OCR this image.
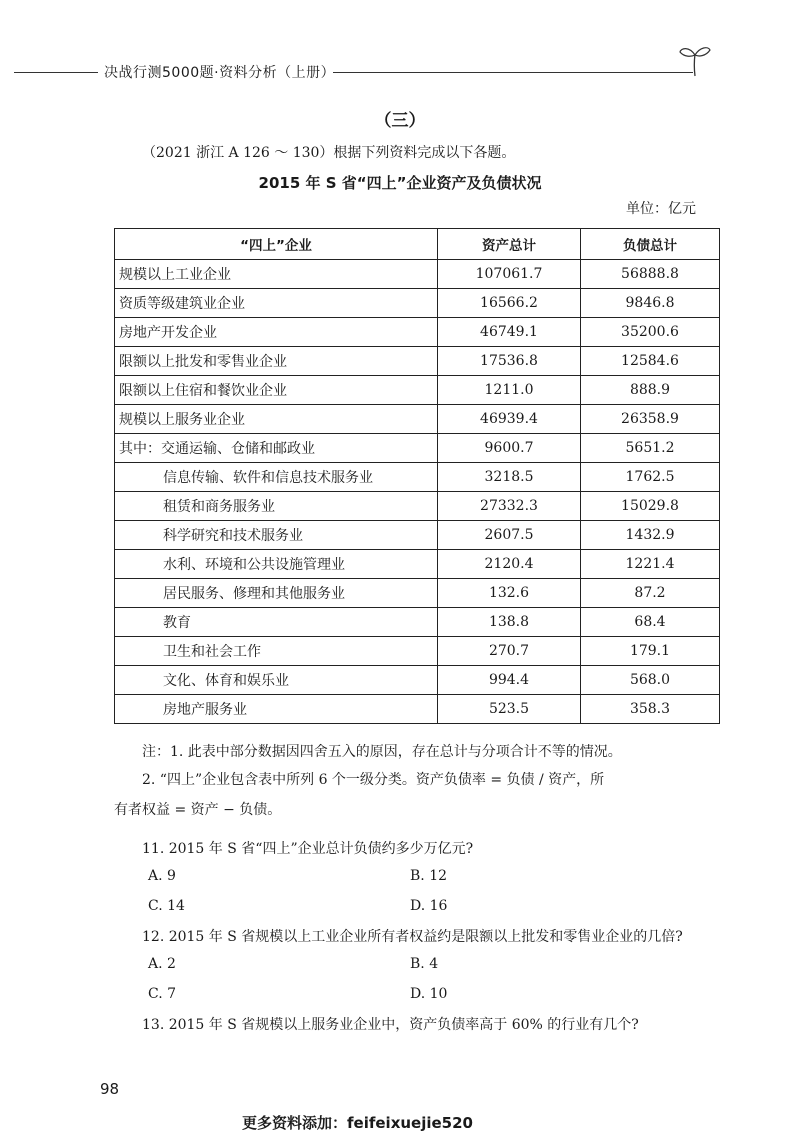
决战行测5000题·资料分析（上册）
（三）
（2021 浙江 A 126 ～ 130）根据下列资料完成以下各题。
2015 年 S 省“四上”企业资产及负债状况
单位：亿元
“四上”企业	资产总计	负债总计
规模以上工业企业	107061.7	56888.8
资质等级建筑业企业	16566.2	9846.8
房地产开发企业	46749.1	35200.6
限额以上批发和零售业企业	17536.8	12584.6
限额以上住宿和餐饮业企业	1211.0	888.9
规模以上服务业企业	46939.4	26358.9
其中：交通运输、仓储和邮政业	9600.7	5651.2
信息传输、软件和信息技术服务业	3218.5	1762.5
租赁和商务服务业	27332.3	15029.8
科学研究和技术服务业	2607.5	1432.9
水利、环境和公共设施管理业	2120.4	1221.4
居民服务、修理和其他服务业	132.6	87.2
教育	138.8	68.4
卫生和社会工作	270.7	179.1
文化、体育和娱乐业	994.4	568.0
房地产服务业	523.5	358.3

注：1. 此表中部分数据因四舍五入的原因，存在总计与分项合计不等的情况。

2. “四上”企业包含表中所列 6 个一级分类。资产负债率 = 负债 / 资产，所

有者权益 = 资产 − 负债。

11. 2015 年 S 省“四上”企业总计负债约多少万亿元?
A. 9	B. 12
C. 14	D. 16
12. 2015 年 S 省规模以上工业企业所有者权益约是限额以上批发和零售业企业的几倍?
A. 2	B. 4
C. 7	D. 10
13. 2015 年 S 省规模以上服务业企业中，资产负债率高于 60% 的行业有几个?
98
更多资料添加：feifeixuejie520
